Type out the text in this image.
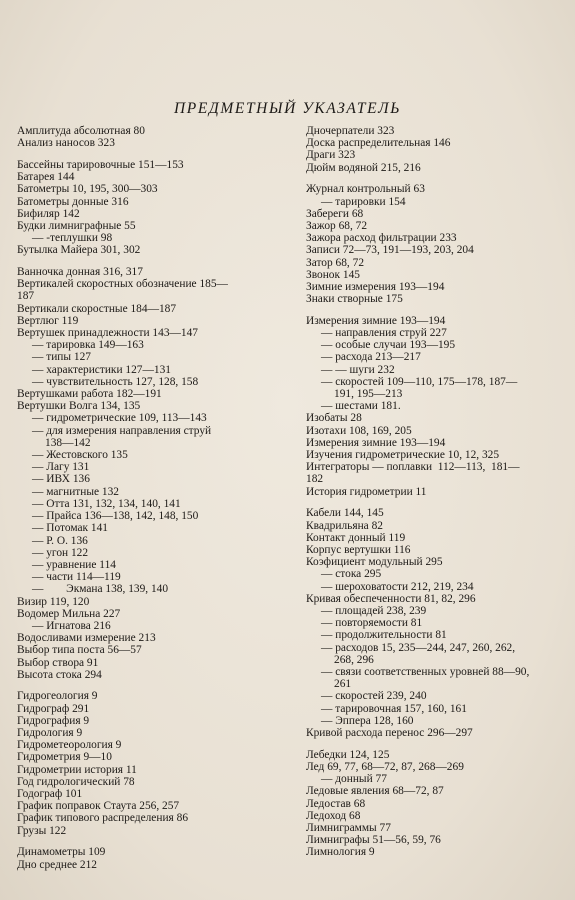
ПРЕДМЕТНЫЙ УКАЗАТЕЛЬ
Амплитуда абсолютная 80
Анализ наносов 323
Бассейны тарировочные 151—153
Батарея 144
Батометры 10, 195, 300—303
Батометры донные 316
Бифиляр 142
Будки лимниграфные 55
— -теплушки 98
Бутылка Майера 301, 302
Ванночка донная 316, 317
Вертикалей скоростных обозначение 185—
187
Вертикали скоростные 184—187
Вертлюг 119
Вертушек принадлежности 143—147
— тарировка 149—163
— типы 127
— характеристики 127—131
— чувствительность 127, 128, 158
Вертушками работа 182—191
Вертушки Волга 134, 135
— гидрометрические 109, 113—143
— для измерения направления струй
138—142
— Жестовского 135
— Лагу 131
— ИВХ 136
— магнитные 132
— Отта 131, 132, 134, 140, 141
— Прайса 136—138, 142, 148, 150
— Потомак 141
— Р. О. 136
— угон 122
— уравнение 114
— части 114—119
—        Экмана 138, 139, 140
Визир 119, 120
Водомер Мильна 227
— Игнатова 216
Водосливами измерение 213
Выбор типа поста 56—57
Выбор створа 91
Высота стока 294
Гидрогеология 9
Гидрограф 291
Гидрография 9
Гидрология 9
Гидрометеорология 9
Гидрометрия 9—10
Гидрометрии история 11
Год гидрологический 78
Годограф 101
График поправок Стаута 256, 257
График типового распределения 86
Грузы 122
Динамометры 109
Дно среднее 212
Дночерпатели 323
Доска распределительная 146
Драги 323
Дюйм водяной 215, 216
Журнал контрольный 63
— тарировки 154
Забереги 68
Зажор 68, 72
Зажора расход фильтрации 233
Записи 72—73, 191—193, 203, 204
Затор 68, 72
Звонок 145
Зимние измерения 193—194
Знаки створные 175
Измерения зимние 193—194
— направления струй 227
— особые случаи 193—195
— расхода 213—217
— — шуги 232
— скоростей 109—110, 175—178, 187—
191, 195—213
— шестами 181.
Изобаты 28
Изотахи 108, 169, 205
Измерения зимние 193—194
Изучения гидрометрические 10, 12, 325
Интеграторы — поплавки  112—113,  181—
182
История гидрометрии 11
Кабели 144, 145
Квадрильяна 82
Контакт донный 119
Корпус вертушки 116
Коэфициент модульный 295
— стока 295
— шероховатости 212, 219, 234
Кривая обеспеченности 81, 82, 296
— площадей 238, 239
— повторяемости 81
— продолжительности 81
— расходов 15, 235—244, 247, 260, 262,
268, 296
— связи соответственных уровней 88—90,
261
— скоростей 239, 240
— тарировочная 157, 160, 161
— Эппера 128, 160
Кривой расхода перенос 296—297
Лебедки 124, 125
Лед 69, 77, 68—72, 87, 268—269
— донный 77
Ледовые явления 68—72, 87
Ледостав 68
Ледоход 68
Лимниграммы 77
Лимниграфы 51—56, 59, 76
Лимнология 9
